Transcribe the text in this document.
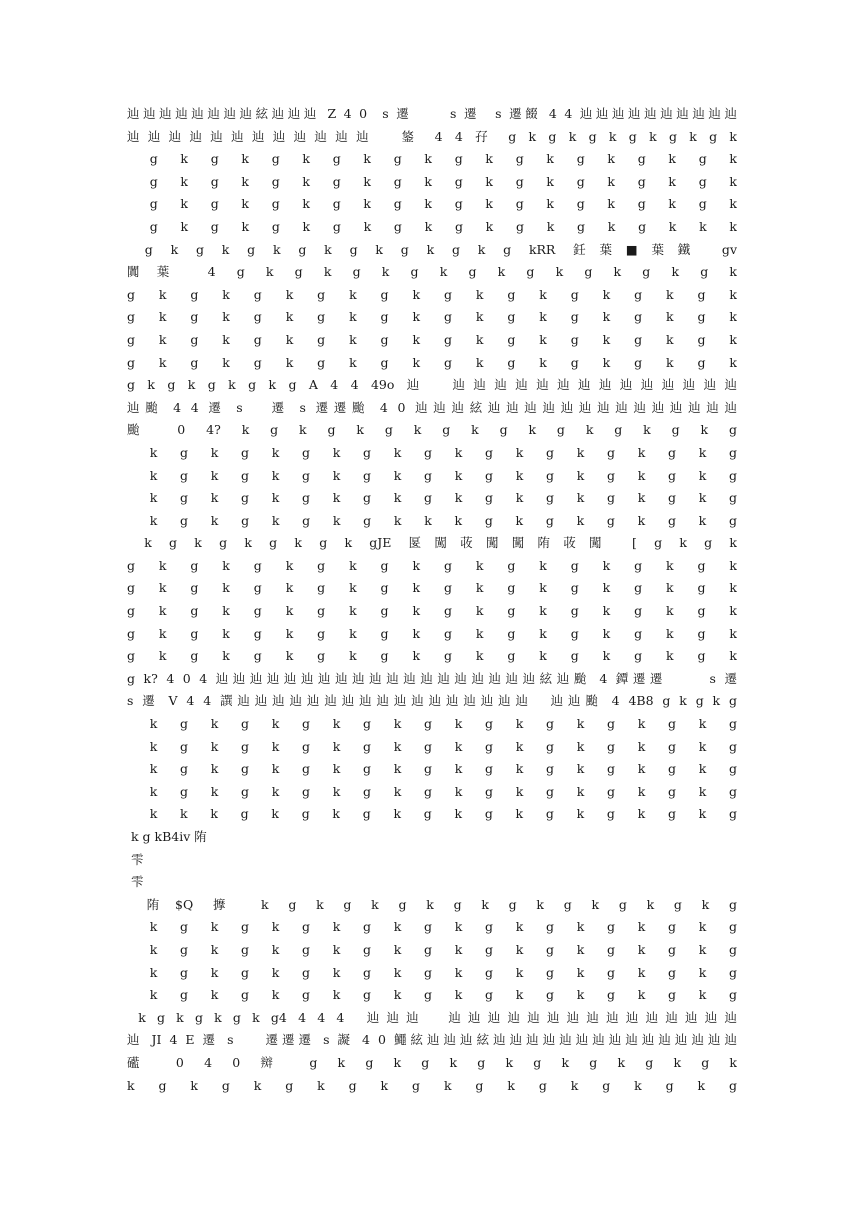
辿辿辿辿辿辿辿辿絃辿辿辿 Z 4 0  s 遷     s 遷  s 遷餟 4 4 辿辿辿辿辿辿辿辿辿辿
辿辿辿辿辿辿辿辿辿辿辿辿  鋚 4 4 孖 g k g k g k g k g k g k
g k g k g k g k g k g k g k g k g k g k
g k g k g k g k g k g k g k g k g k g k
g k g k g k g k g k g k g k g k g k g k
g k g k g k g k g k g k g k g k g k k k
g k g k g k g k g k g k g k g kRR 鈓葉■葉鐵 gv
闐葉 4 g k g k g k g k g k g k g k g k g k
g k g k g k g k g k g k g k g k g k g k
g k g k g k g k g k g k g k g k g k g k
g k g k g k g k g k g k g k g k g k g k
g k g k g k g k g k g k g k g k g k g k
g k g k g k g k g A 4 4 49o 辿  辿辿辿辿辿辿辿辿辿辿辿辿辿辿
辿颱 4 4 遷 s   遷 s 遷遷颱 4 0 辿辿辿絃辿辿辿辿辿辿辿辿辿辿辿辿辿辿
颱 0 4? k g k g k g k g k g k g k g k g k g
k g k g k g k g k g k g k g k g k g k g
k g k g k g k g k g k g k g k g k g k g
k g k g k g k g k g k g k g k g k g k g
k g k g k g k g k k k g k g k g k g k g
k g k g k g k g k gJE 匽闖荍闖闖陏荍闖 [ g k g k
g k g k g k g k g k g k g k g k g k g k
g k g k g k g k g k g k g k g k g k g k
g k g k g k g k g k g k g k g k g k g k
g k g k g k g k g k g k g k g k g k g k
g k g k g k g k g k g k g k g k g k g k
g k? 4 0 4 辿辿辿辿辿辿辿辿辿辿辿辿辿辿辿辿辿辿辿絃辿颱 4 鐔遷遷     s 遷
s 遷 V 4 4 譔辿辿辿辿辿辿辿辿辿辿辿辿辿辿辿辿辿  辿辿颱 4 4B8 g k g k g
k g k g k g k g k g k g k g k g k g k g
k g k g k g k g k g k g k g k g k g k g
k g k g k g k g k g k g k g k g k g k g
k g k g k g k g k g k g k g k g k g k g
k k k g k g k g k g k g k g k g k g k g
k g kB4iv 陏
雫
雫
陏$Q 擵 k g k g k g k g k g k g k g k g k g
k g k g k g k g k g k g k g k g k g k g
k g k g k g k g k g k g k g k g k g k g
k g k g k g k g k g k g k g k g k g k g
k g k g k g k g k g k g k g k g k g k g
k g k g k g k g4 4 4 4  辿辿辿  辿辿辿辿辿辿辿辿辿辿辿辿辿辿辿
辿 JI 4 E 遷 s    遷遷遷 s 譺 4 0 鱦絃辿辿辿絃辿辿辿辿辿辿辿辿辿辿辿辿辿辿辿
礷 0 4 0 辬 g k g k g k g k g k g k g k g k
k g k g k g k g k g k g k g k g k g k g
